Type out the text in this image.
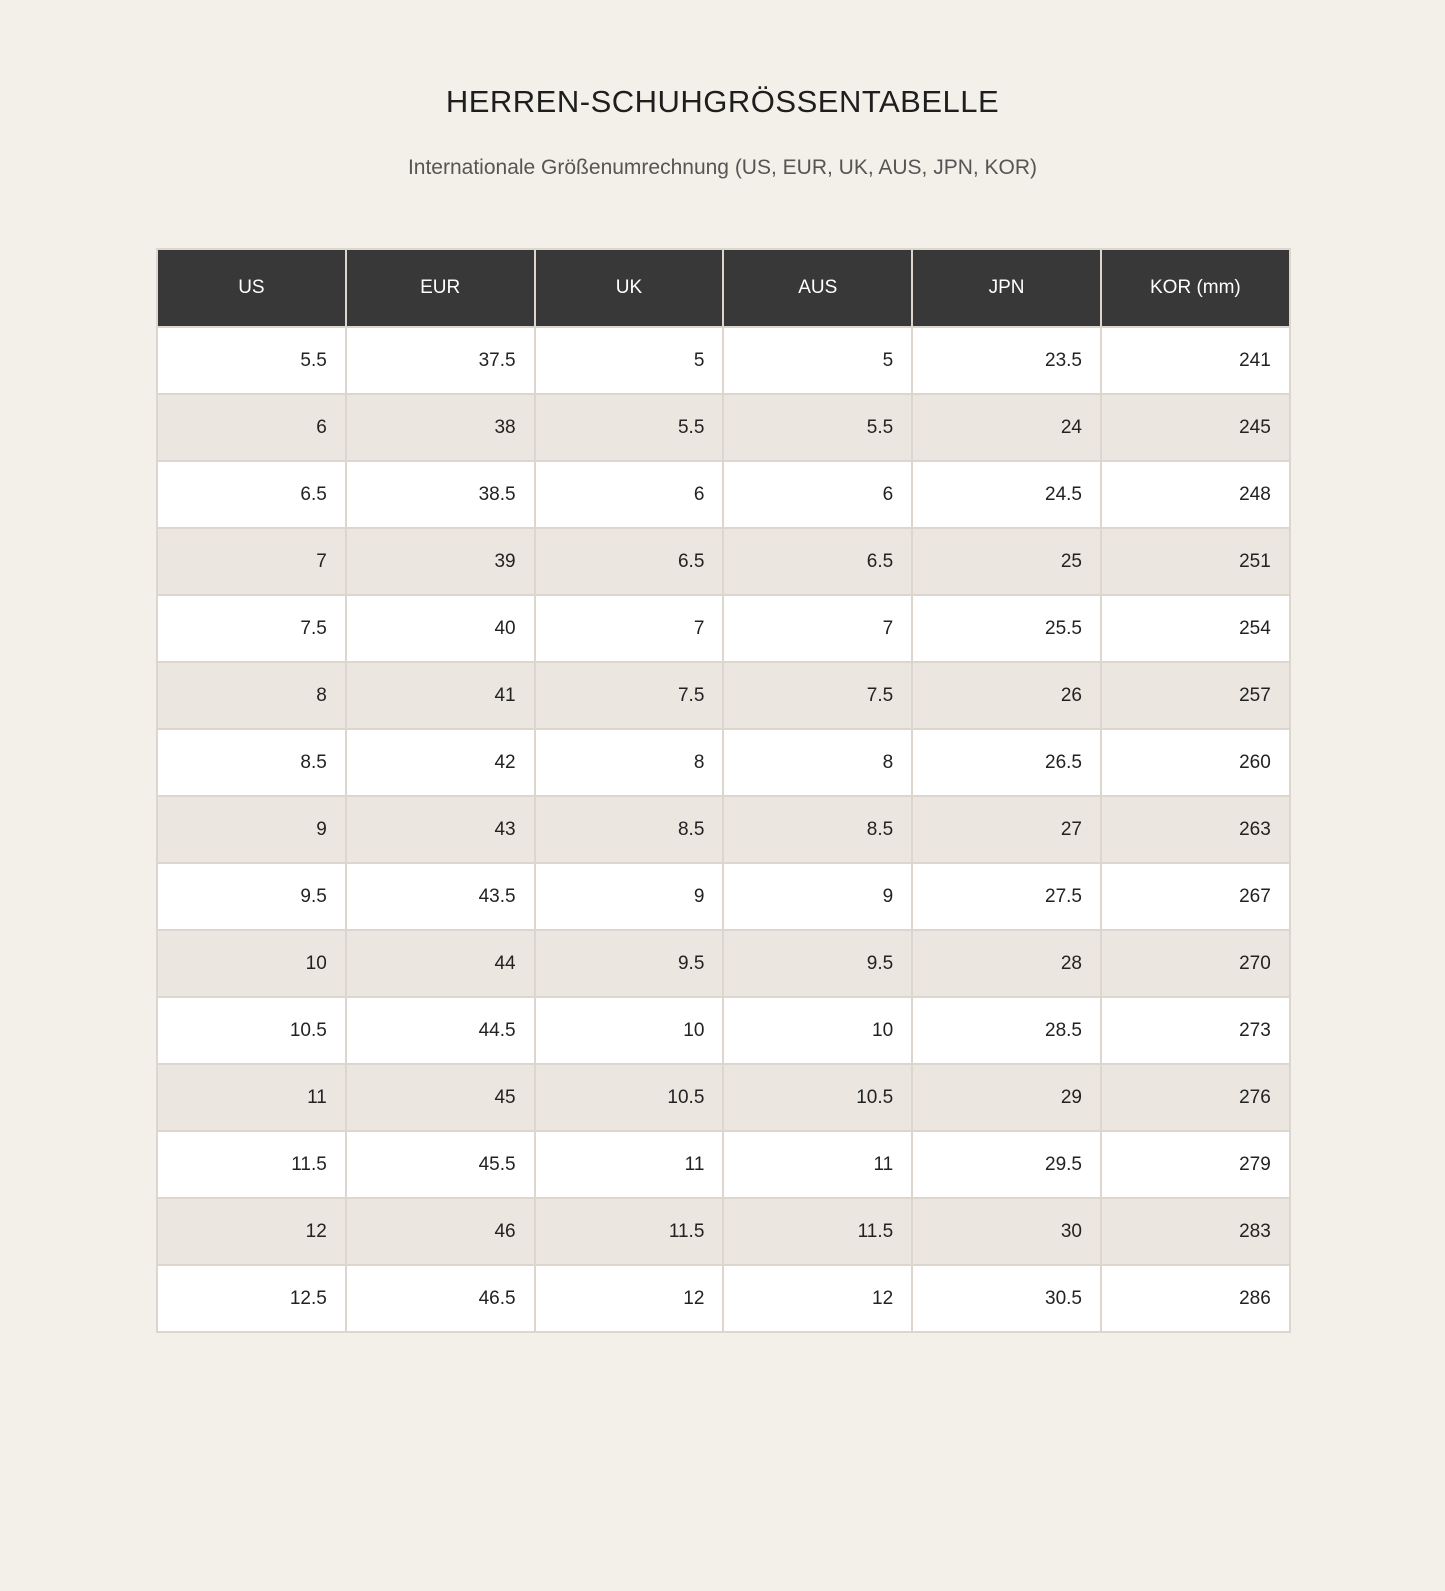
HERREN-SCHUHGRÖSSENTABELLE

Internationale Größenumrechnung (US, EUR, UK, AUS, JPN, KOR)

US	EUR	UK	AUS	JPN	KOR (mm)
5.5	37.5	5	5	23.5	241
6	38	5.5	5.5	24	245
6.5	38.5	6	6	24.5	248
7	39	6.5	6.5	25	251
7.5	40	7	7	25.5	254
8	41	7.5	7.5	26	257
8.5	42	8	8	26.5	260
9	43	8.5	8.5	27	263
9.5	43.5	9	9	27.5	267
10	44	9.5	9.5	28	270
10.5	44.5	10	10	28.5	273
11	45	10.5	10.5	29	276
11.5	45.5	11	11	29.5	279
12	46	11.5	11.5	30	283
12.5	46.5	12	12	30.5	286
